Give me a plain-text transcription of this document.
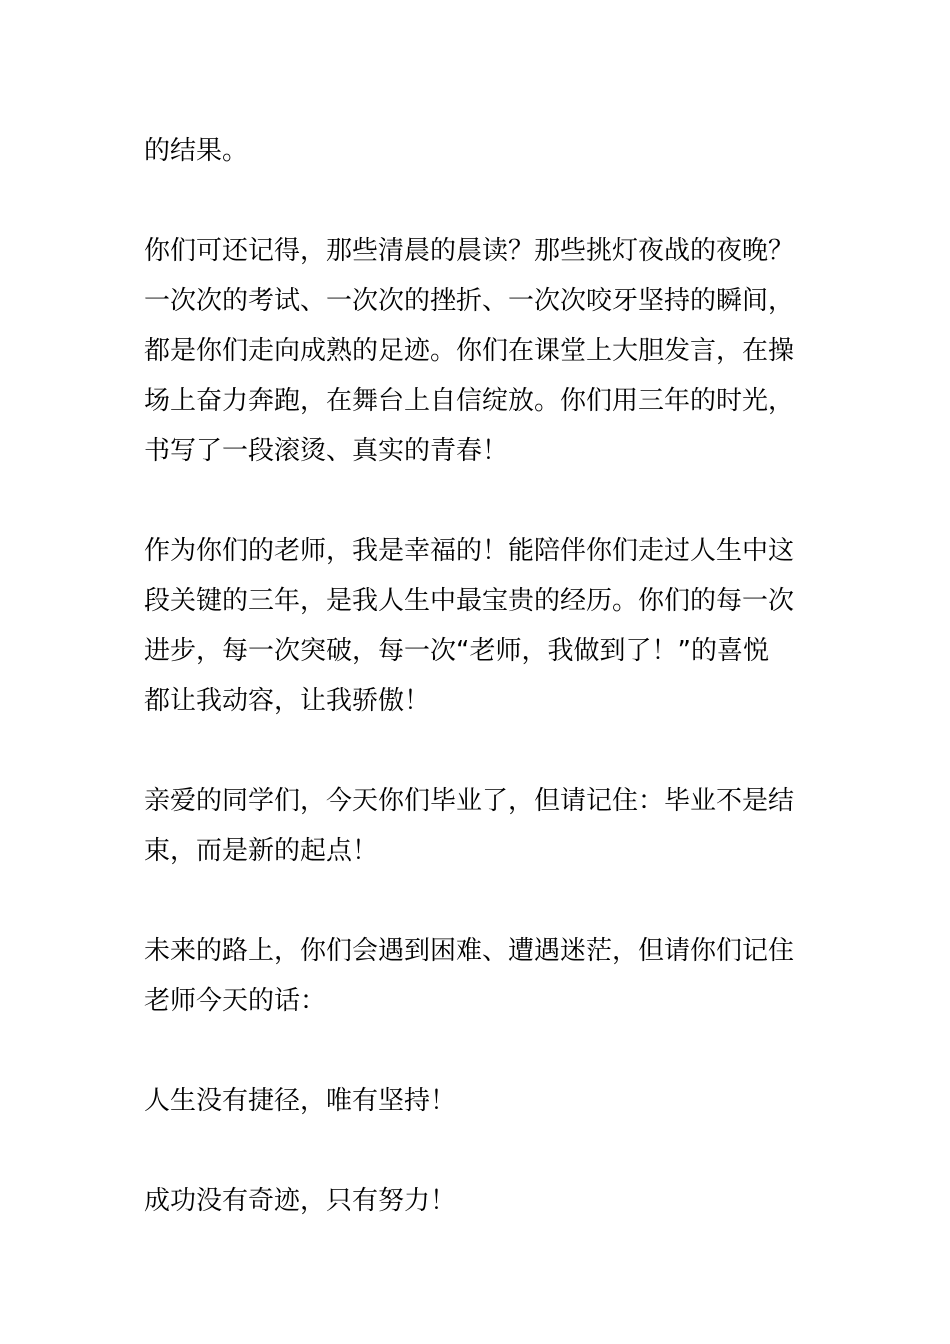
的结果。

你们可还记得，那些清晨的晨读？那些挑灯夜战的夜晚？
一次次的考试、一次次的挫折、一次次咬牙坚持的瞬间，
都是你们走向成熟的足迹。你们在课堂上大胆发言，在操
场上奋力奔跑，在舞台上自信绽放。你们用三年的时光，
书写了一段滚烫、真实的青春！

作为你们的老师，我是幸福的！能陪伴你们走过人生中这
段关键的三年，是我人生中最宝贵的经历。你们的每一次
进步，每一次突破，每一次“老师，我做到了！”的喜悦
都让我动容，让我骄傲！

亲爱的同学们，今天你们毕业了，但请记住：毕业不是结
束，而是新的起点！

未来的路上，你们会遇到困难、遭遇迷茫，但请你们记住
老师今天的话：

人生没有捷径，唯有坚持！

成功没有奇迹，只有努力！
